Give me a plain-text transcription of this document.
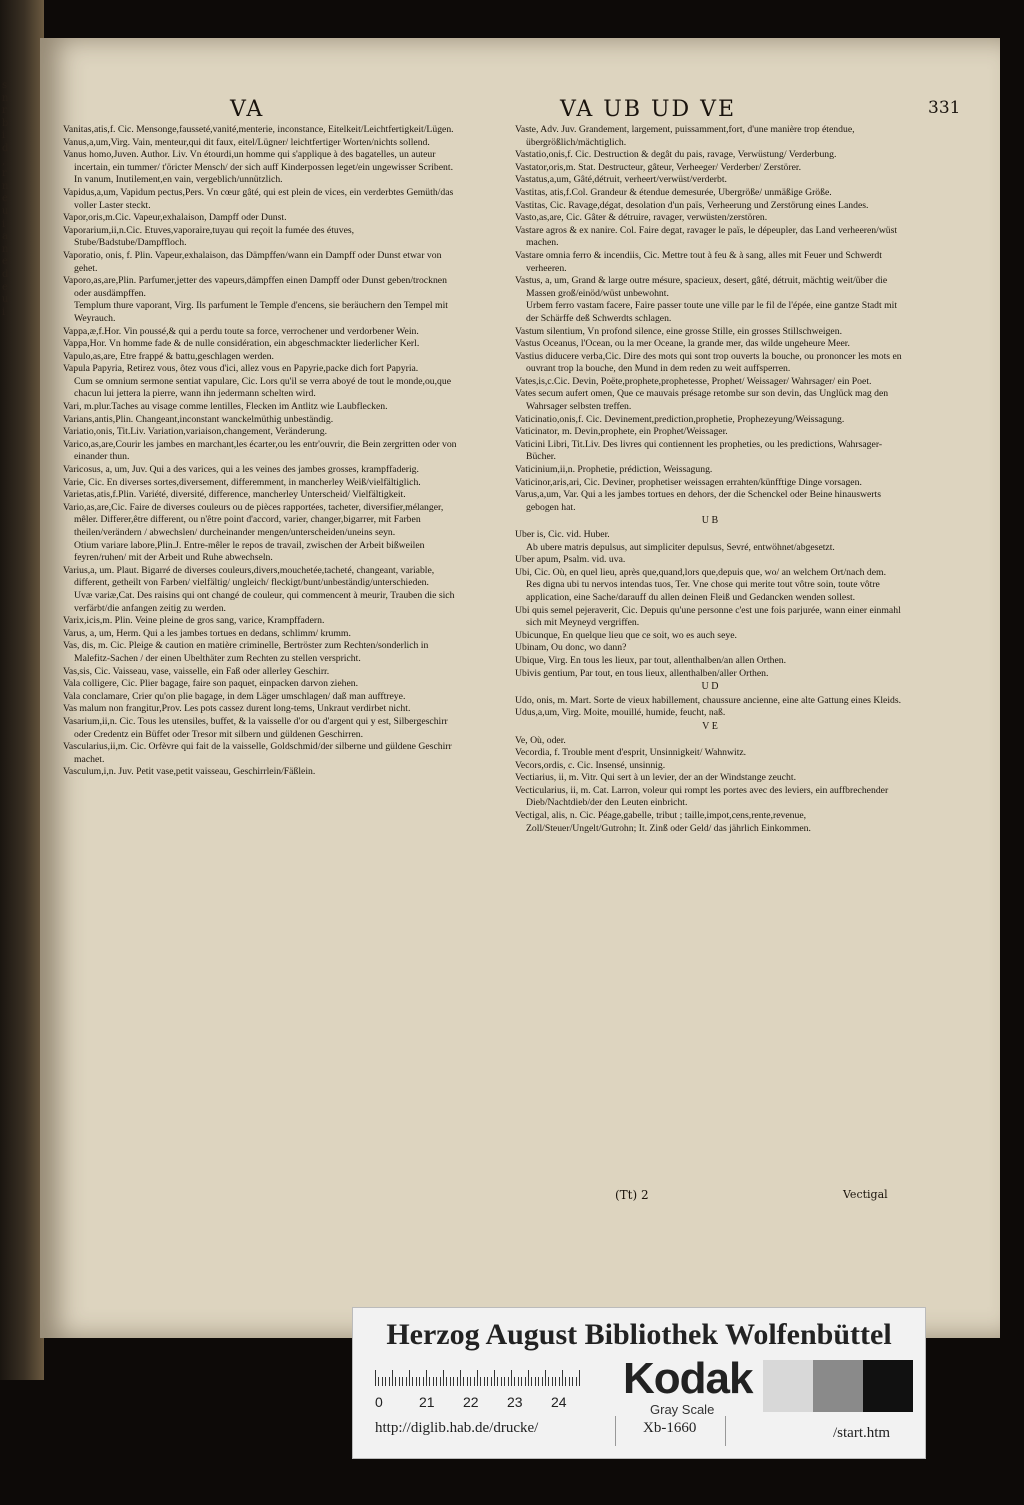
s
n
r
b
i
d
,
r
n
e
u
i
a
n
e
d
e
u
i

VA	VA UB UD VE	331

Vanitas,atis,f. Cic. Mensonge,fausseté,vanité,menterie, inconstance, Eitelkeit/Leichtfertigkeit/Lügen.

Vanus,a,um,Virg. Vain, menteur,qui dit faux, eitel/Lügner/ leichtfertiger Worten/nichts sollend.

Vanus homo,Juven. Author. Liv. Vn étourdi,un homme qui s'applique à des bagatelles, un auteur incertain, ein tummer/ t'öricter Mensch/ der sich auff Kinderpossen leget/ein ungewisser Scribent.

In vanum, Inutilement,en vain, vergeblich/unnützlich.

Vapidus,a,um, Vapidum pectus,Pers. Vn cœur gâté, qui est plein de vices, ein verderbtes Gemüth/das voller Laster steckt.

Vapor,oris,m.Cic. Vapeur,exhalaison, Dampff oder Dunst.

Vaporarium,ii,n.Cic. Etuves,vaporaire,tuyau qui reçoit la fumée des étuves, Stube/Badstube/Dampffloch.

Vaporatio, onis, f. Plin. Vapeur,exhalaison, das Dämpffen/wann ein Dampff oder Dunst etwar von gehet.

Vaporo,as,are,Plin. Parfumer,jetter des vapeurs,dämpffen einen Dampff oder Dunst geben/trocknen oder ausdämpffen.

Templum thure vaporant, Virg. Ils parfument le Temple d'encens, sie beräuchern den Tempel mit Weyrauch.

Vappa,æ,f.Hor. Vin poussé,& qui a perdu toute sa force, verrochener und verdorbener Wein.

Vappa,Hor. Vn homme fade & de nulle considération, ein abgeschmackter liederlicher Kerl.

Vapulo,as,are, Etre frappé & battu,geschlagen werden.

Vapula Papyria, Retirez vous, ôtez vous d'ici, allez vous en Papyrie,packe dich fort Papyria.

Cum se omnium sermone sentiat vapulare, Cic. Lors qu'il se verra aboyé de tout le monde,ou,que chacun lui jettera la pierre, wann ihn jedermann schelten wird.

Vari, m.plur.Taches au visage comme lentilles, Flecken im Antlitz wie Laubflecken.

Varians,antis,Plin. Changeant,inconstant wanckelmüthig unbeständig.

Variatio,onis, Tit.Liv. Variation,variaison,changement, Veränderung.

Varico,as,are,Courir les jambes en marchant,les écarter,ou les entr'ouvrir, die Bein zergritten oder von einander thun.

Varicosus, a, um, Juv. Qui a des varices, qui a les veines des jambes grosses, krampffaderig.

Varie, Cic. En diverses sortes,diversement, differemment, in mancherley Weiß/vielfältiglich.

Varietas,atis,f.Plin. Variété, diversité, difference, mancherley Unterscheid/ Vielfältigkeit.

Vario,as,are,Cic. Faire de diverses couleurs ou de pièces rapportées, tacheter, diversifier,mélanger, mêler. Differer,être different, ou n'être point d'accord, varier, changer,bigarrer, mit Farben theilen/verändern / abwechslen/ durcheinander mengen/unterscheiden/uneins seyn.

Otium variare labore,Plin.J. Entre-mêler le repos de travail, zwischen der Arbeit bißweilen feyren/ruhen/ mit der Arbeit und Ruhe abwechseln.

Varius,a, um. Plaut. Bigarré de diverses couleurs,divers,mouchetée,tacheté, changeant, variable, different, getheilt von Farben/ vielfältig/ ungleich/ fleckigt/bunt/unbeständig/unterschieden.

Uvæ variæ,Cat. Des raisins qui ont changé de couleur, qui commencent à meurir, Trauben die sich verfärbt/die anfangen zeitig zu werden.

Varix,icis,m. Plin. Veine pleine de gros sang, varice, Krampffadern.

Varus, a, um, Herm. Qui a les jambes tortues en dedans, schlimm/ krumm.

Vas, dis, m. Cic. Pleige & caution en matière criminelle, Bertröster zum Rechten/sonderlich in Malefitz-Sachen / der einen Ubelthäter zum Rechten zu stellen verspricht.

Vas,sis, Cic. Vaisseau, vase, vaisselle, ein Faß oder allerley Geschirr.

Vala colligere, Cic. Plier bagage, faire son paquet, einpacken darvon ziehen.

Vala conclamare, Crier qu'on plie bagage, in dem Läger umschlagen/ daß man aufftreye.

Vas malum non frangitur,Prov. Les pots cassez durent long-tems, Unkraut verdirbet nicht.

Vasarium,ii,n. Cic. Tous les utensiles, buffet, & la vaisselle d'or ou d'argent qui y est, Silbergeschirr oder Credentz ein Büffet oder Tresor mit silbern und güldenen Geschirren.

Vascularius,ii,m. Cic. Orfèvre qui fait de la vaisselle, Goldschmid/der silberne und güldene Geschirr machet.

Vasculum,i,n. Juv. Petit vase,petit vaisseau, Geschirrlein/Fäßlein.

Vaste, Adv. Juv. Grandement, largement, puissamment,fort, d'une manière trop étendue, übergrößlich/mächtiglich.

Vastatio,onis,f. Cic. Destruction & degât du pais, ravage, Verwüstung/ Verderbung.

Vastator,oris,m. Stat. Destructeur, gâteur, Verheeger/ Verderber/ Zerstörer.

Vastatus,a,um, Gâté,détruit, verheert/verwüst/verderbt.

Vastitas, atis,f.Col. Grandeur & étendue demesurée, Ubergröße/ unmäßige Größe.

Vastitas, Cic. Ravage,dégat, desolation d'un païs, Verheerung und Zerstörung eines Landes.

Vasto,as,are, Cic. Gâter & détruire, ravager, verwüsten/zerstören.

Vastare agros & ex nanire. Col. Faire degat, ravager le païs, le dépeupler, das Land verheeren/wüst machen.

Vastare omnia ferro & incendiis, Cic. Mettre tout à feu & à sang, alles mit Feuer und Schwerdt verheeren.

Vastus, a, um, Grand & large outre mésure, spacieux, desert, gâté, détruit, mächtig weit/über die Massen groß/einöd/wüst unbewohnt.

Urbem ferro vastam facere, Faire passer toute une ville par le fil de l'épée, eine gantze Stadt mit der Schärffe deß Schwerdts schlagen.

Vastum silentium, Vn profond silence, eine grosse Stille, ein grosses Stillschweigen.

Vastus Oceanus, l'Ocean, ou la mer Oceane, la grande mer, das wilde ungeheure Meer.

Vastius diducere verba,Cic. Dire des mots qui sont trop ouverts la bouche, ou prononcer les mots en ouvrant trop la bouche, den Mund in dem reden zu weit auffsperren.

Vates,is,c.Cic. Devin, Poëte,prophete,prophetesse, Prophet/ Weissager/ Wahrsager/ ein Poet.

Vates secum aufert omen, Que ce mauvais présage retombe sur son devin, das Unglück mag den Wahrsager selbsten treffen.

Vaticinatio,onis,f. Cic. Devinement,prediction,prophetie, Prophezeyung/Weissagung.

Vaticinator, m. Devin,prophete, ein Prophet/Weissager.

Vaticini Libri, Tit.Liv. Des livres qui contiennent les propheties, ou les predictions, Wahrsager-Bücher.

Vaticinium,ii,n. Prophetie, prédiction, Weissagung.

Vaticinor,aris,ari, Cic. Deviner, prophetiser weissagen errahten/künfftige Dinge vorsagen.

Varus,a,um, Var. Qui a les jambes tortues en dehors, der die Schenckel oder Beine hinauswerts gebogen hat.

U B

Uber is, Cic. vid. Huber.

Ab ubere matris depulsus, aut simpliciter depulsus, Sevré, entwöhnet/abgesetzt.

Uber apum, Psalm. vid. uva.

Ubi, Cic. Où, en quel lieu, après que,quand,lors que,depuis que, wo/ an welchem Ort/nach dem.

Res digna ubi tu nervos intendas tuos, Ter. Vne chose qui merite tout vôtre soin, toute vôtre application, eine Sache/darauff du allen deinen Fleiß und Gedancken wenden sollest.

Ubi quis semel pejeraverit, Cic. Depuis qu'une personne c'est une fois parjurée, wann einer einmahl sich mit Meyneyd vergriffen.

Ubicunque, En quelque lieu que ce soit, wo es auch seye.

Ubinam, Ou donc, wo dann?

Ubique, Virg. En tous les lieux, par tout, allenthalben/an allen Orthen.

Ubivis gentium, Par tout, en tous lieux, allenthalben/aller Orthen.

U D

Udo, onis, m. Mart. Sorte de vieux habillement, chaussure ancienne, eine alte Gattung eines Kleids.

Udus,a,um, Virg. Moite, mouillé, humide, feucht, naß.

V E

Ve, Où, oder.

Vecordia, f. Trouble ment d'esprit, Unsinnigkeit/ Wahnwitz.

Vecors,ordis, c. Cic. Insensé, unsinnig.

Vectiarius, ii, m. Vitr. Qui sert à un levier, der an der Windstange zeucht.

Vecticularius, ii, m. Cat. Larron, voleur qui rompt les portes avec des leviers, ein auffbrechender Dieb/Nachtdieb/der den Leuten einbricht.

Vectigal, alis, n. Cic. Péage,gabelle, tribut ; taille,impot,cens,rente,revenue, Zoll/Steuer/Ungelt/Gutrohn; It. Zinß oder Geld/ das jährlich Einkommen.

(Tt) 2	Vectigal
Herzog August Bibliothek Wolfenbüttel
0	21 22 23 24 Kodak
Gray Scale
http://diglib.hab.de/drucke/	Xb-1660	/start.htm
